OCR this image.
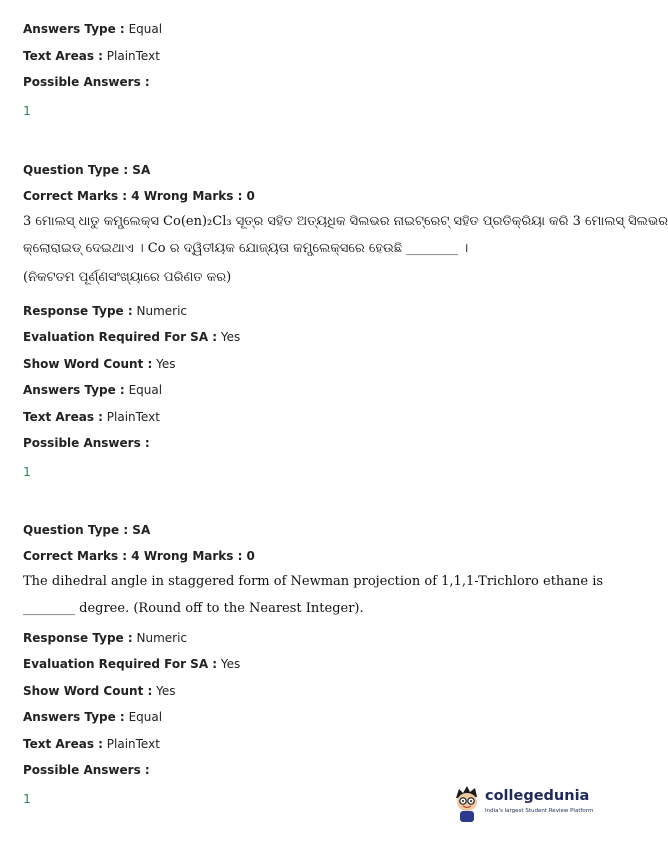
Answers Type : Equal
Text Areas : PlainText
Possible Answers :
1
Question Type : SA
Correct Marks : 4 Wrong Marks : 0
3 ମୋଲସ୍ ଧାତୁ କମ୍ପ୍ଲେକ୍ସ Co(en)₂Cl₃ ସୂତ୍ର ସହିତ ଅତ୍ୟଧିକ ସିଲଭର ନାଇଟ୍ରେଟ୍ ସହିତ ପ୍ରତିକ୍ରିୟା କରି 3 ମୋଲସ୍ ସିଲଭର
କ୍ଲୋରାଇଡ୍ ଦେଇଥାଏ । Co ର ଦ୍ୱିତୀୟକ ଯୋଜ୍ୟତା କମ୍ପ୍ଲେକ୍ସରେ ହେଉଛି ________ ।
(ନିକଟତମ ପୂର୍ଣ୍ଣସଂଖ୍ୟାରେ ପରିଣତ କର)
Response Type : Numeric
Evaluation Required For SA : Yes
Show Word Count : Yes
Answers Type : Equal
Text Areas : PlainText
Possible Answers :
1
Question Type : SA
Correct Marks : 4 Wrong Marks : 0
The dihedral angle in staggered form of Newman projection of 1,1,1-Trichloro ethane is
________ degree. (Round off to the Nearest Integer).
Response Type : Numeric
Evaluation Required For SA : Yes
Show Word Count : Yes
Answers Type : Equal
Text Areas : PlainText
Possible Answers :
1	collegedunia
India's largest Student Review Platform
